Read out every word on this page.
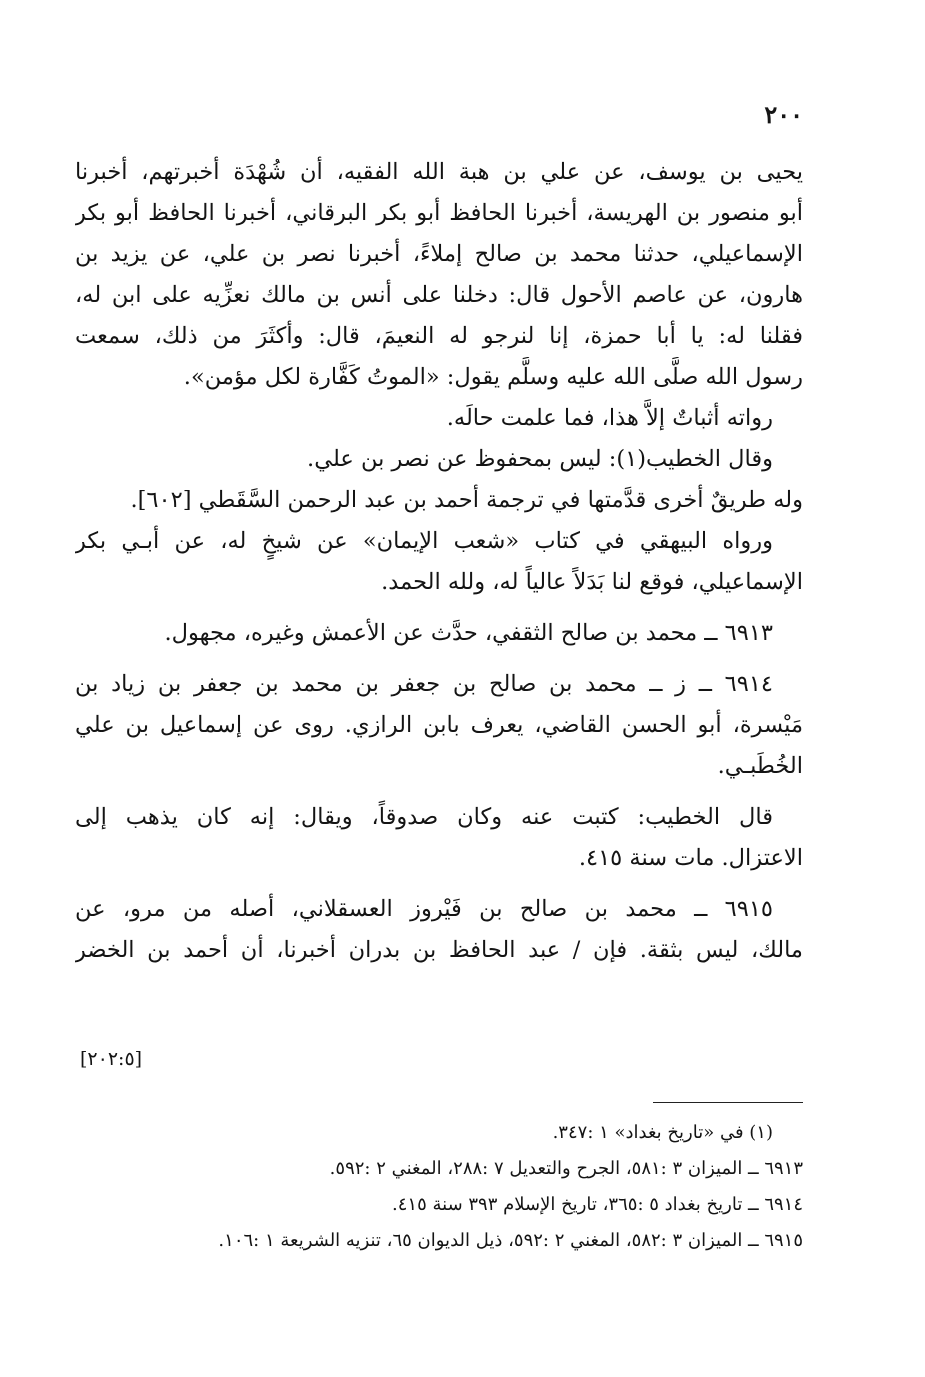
٢٠٠
يحيى بن يوسف، عن علي بن هبة الله الفقيه، أن شُهْدَة أخبرتهم، أخبرنا
أبو منصور بن الهريسة، أخبرنا الحافظ أبو بكر البرقاني، أخبرنا الحافظ أبو بكر
الإسماعيلي، حدثنا محمد بن صالح إملاءً، أخبرنا نصر بن علي، عن يزيد بن
هارون، عن عاصم الأحول قال: دخلنا على أنس بن مالك نعزِّيه على ابن له،
فقلنا له: يا أبا حمزة، إنا لنرجو له النعيمَ، قال: وأكثَرَ من ذلك، سمعت
رسول الله صلَّى الله عليه وسلَّم يقول: «الموتُ كَفَّارة لكل مؤمن».
رواته أثباتٌ إلاَّ هذا، فما علمت حالَه.
وقال الخطيب(١): ليس بمحفوظ عن نصر بن علي.
وله طريقٌ أخرى قدَّمتها في ترجمة أحمد بن عبد الرحمن السَّقَطي [٦٠٢].
ورواه البيهقي في كتاب «شعب الإيمان» عن شيخٍ له، عن أبـي بكر
الإسماعيلي، فوقع لنا بَدَلاً عالياً له، ولله الحمد.
٦٩١٣ ــ محمد بن صالح الثقفي، حدَّث عن الأعمش وغيره، مجهول.
٦٩١٤ ــ ز ــ محمد بن صالح بن جعفر بن محمد بن جعفر بن زياد بن
مَيْسرة، أبو الحسن القاضي، يعرف بابن الرازي. روى عن إسماعيل بن علي
الخُطَبـي.
قال الخطيب: كتبت عنه وكان صدوقاً، ويقال: إنه كان يذهب إلى
الاعتزال. مات سنة ٤١٥.
٦٩١٥ ــ محمد بن صالح بن فَيْروز العسقلاني، أصله من مرو، عن
مالك، ليس بثقة. فإن / عبد الحافظ بن بدران أخبرنا، أن أحمد بن الخضر
[٢٠٢:٥]
(١) في «تاريخ بغداد» ١ :٣٤٧.
٦٩١٣ ــ الميزان ٣ :٥٨١، الجرح والتعديل ٧ :٢٨٨، المغني ٢ :٥٩٢.
٦٩١٤ ــ تاريخ بغداد ٥ :٣٦٥، تاريخ الإسلام ٣٩٣ سنة ٤١٥.
٦٩١٥ ــ الميزان ٣ :٥٨٢، المغني ٢ :٥٩٢، ذيل الديوان ٦٥، تنزيه الشريعة ١ :١٠٦.
